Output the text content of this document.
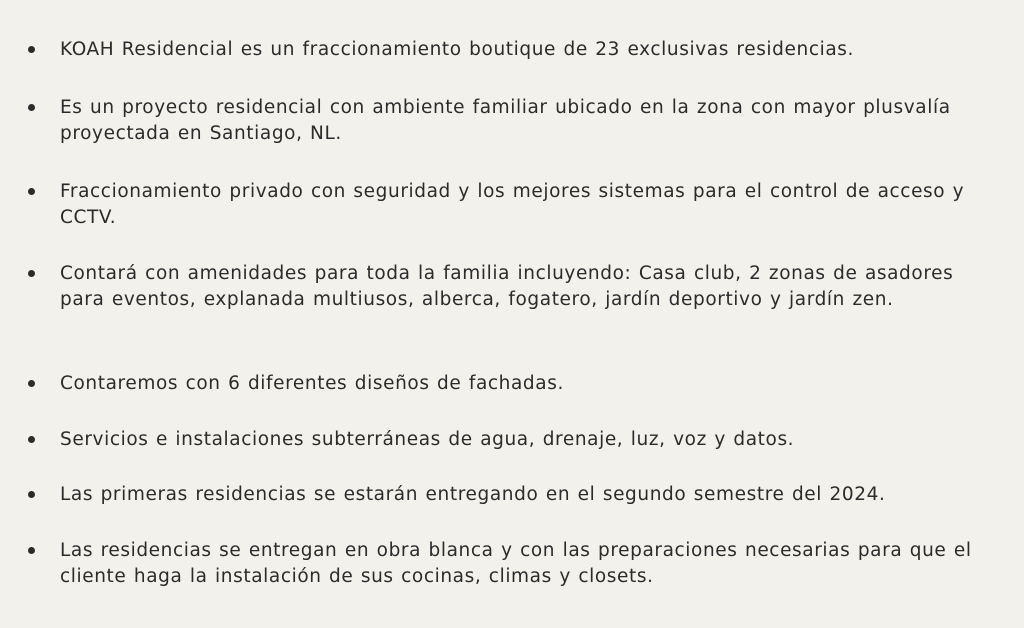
KOAH Residencial es un fraccionamiento boutique de 23 exclusivas residencias.
Es un proyecto residencial con ambiente familiar ubicado en la zona con mayor plusvalía proyectada en Santiago, NL.
Fraccionamiento privado con seguridad y los mejores sistemas para el control de acceso y CCTV.
Contará con amenidades para toda la familia incluyendo: Casa club, 2 zonas de asadores para eventos, explanada multiusos, alberca, fogatero, jardín deportivo y jardín zen.
Contaremos con 6 diferentes diseños de fachadas.
Servicios e instalaciones subterráneas de agua, drenaje, luz, voz y datos.
Las primeras residencias se estarán entregando en el segundo semestre del 2024.
Las residencias se entregan en obra blanca y con las preparaciones necesarias para que el cliente haga la instalación de sus cocinas, climas y closets.
